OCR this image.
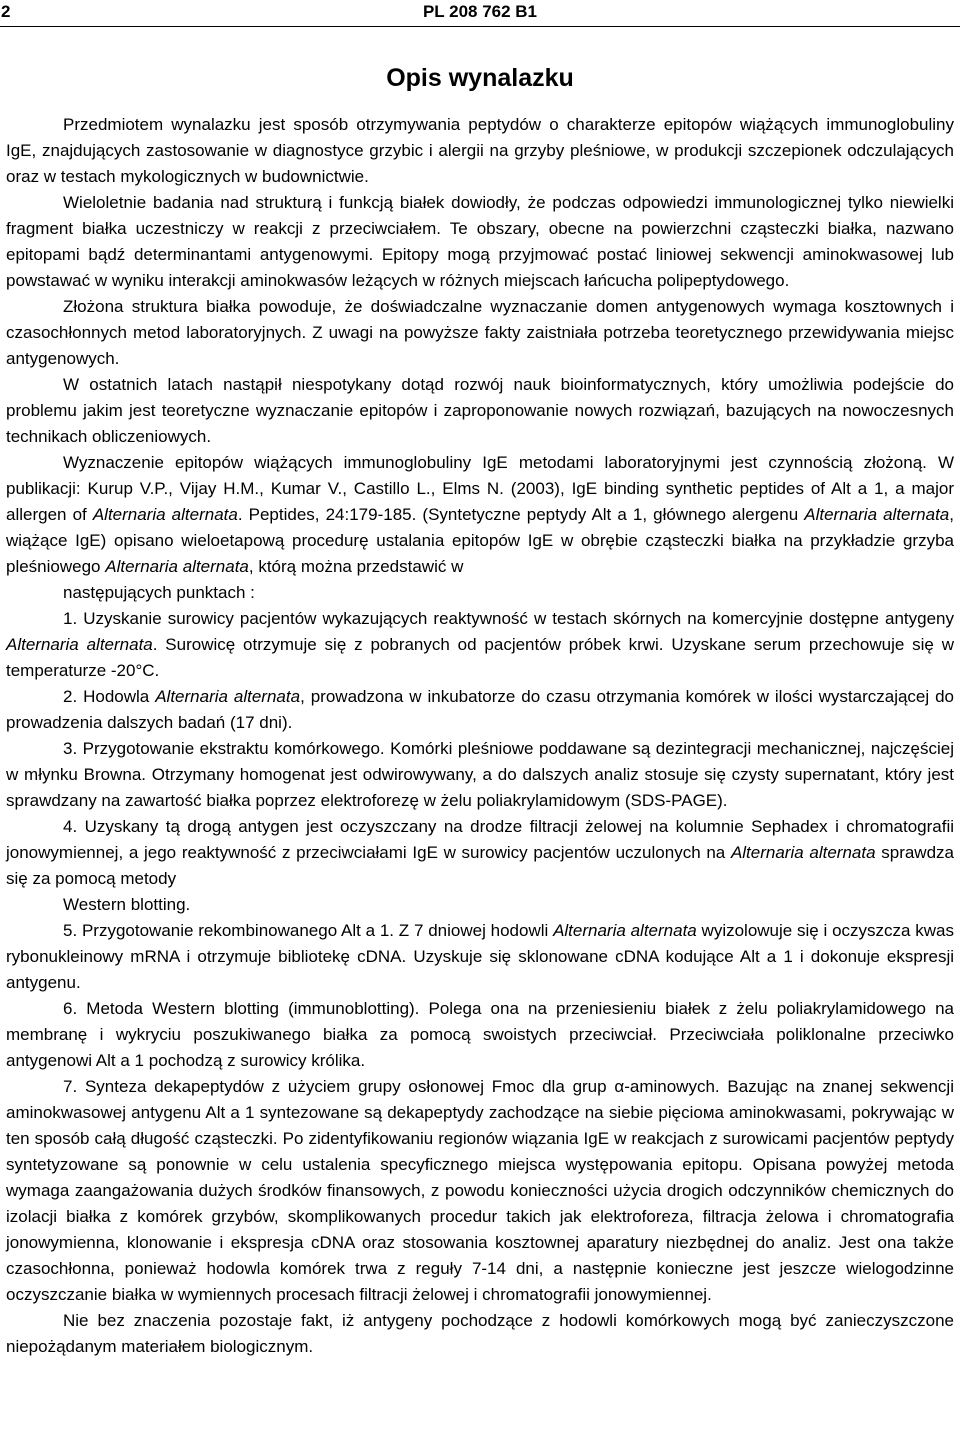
2	PL 208 762 B1
Opis wynalazku

Przedmiotem wynalazku jest sposób otrzymywania peptydów o charakterze epitopów wiążących immunoglobuliny IgE, znajdujących zastosowanie w diagnostyce grzybic i alergii na grzyby pleśniowe, w produkcji szczepionek odczulających oraz w testach mykologicznych w budownictwie.

Wieloletnie badania nad strukturą i funkcją białek dowiodły, że podczas odpowiedzi immunologicznej tylko niewielki fragment białka uczestniczy w reakcji z przeciwciałem. Te obszary, obecne na powierzchni cząsteczki białka, nazwano epitopami bądź determinantami antygenowymi. Epitopy mogą przyjmować postać liniowej sekwencji aminokwasowej lub powstawać w wyniku interakcji aminokwasów leżących w różnych miejscach łańcucha polipeptydowego.

Złożona struktura białka powoduje, że doświadczalne wyznaczanie domen antygenowych wymaga kosztownych i czasochłonnych metod laboratoryjnych. Z uwagi na powyższe fakty zaistniała potrzeba teoretycznego przewidywania miejsc antygenowych.

W ostatnich latach nastąpił niespotykany dotąd rozwój nauk bioinformatycznych, który umożliwia podejście do problemu jakim jest teoretyczne wyznaczanie epitopów i zaproponowanie nowych rozwiązań, bazujących na nowoczesnych technikach obliczeniowych.

Wyznaczenie epitopów wiążących immunoglobuliny IgE metodami laboratoryjnymi jest czynnością złożoną. W publikacji: Kurup V.P., Vijay H.M., Kumar V., Castillo L., Elms N. (2003), IgE binding synthetic peptides of Alt a 1, a major allergen of Alternaria alternata. Peptides, 24:179-185. (Syntetyczne peptydy Alt a 1, głównego alergenu Alternaria alternata, wiążące IgE) opisano wieloetapową procedurę ustalania epitopów IgE w obrębie cząsteczki białka na przykładzie grzyba pleśniowego Alternaria alternata, którą można przedstawić w

następujących punktach :

1. Uzyskanie surowicy pacjentów wykazujących reaktywność w testach skórnych na komercyjnie dostępne antygeny Alternaria alternata. Surowicę otrzymuje się z pobranych od pacjentów próbek krwi. Uzyskane serum przechowuje się w temperaturze -20°C.

2. Hodowla Alternaria alternata, prowadzona w inkubatorze do czasu otrzymania komórek w ilości wystarczającej do prowadzenia dalszych badań (17 dni).

3. Przygotowanie ekstraktu komórkowego. Komórki pleśniowe poddawane są dezintegracji mechanicznej, najczęściej w młynku Browna. Otrzymany homogenat jest odwirowywany, a do dalszych analiz stosuje się czysty supernatant, który jest sprawdzany na zawartość białka poprzez elektroforezę w żelu poliakrylamidowym (SDS-PAGE).

4. Uzyskany tą drogą antygen jest oczyszczany na drodze filtracji żelowej na kolumnie Sephadex i chromatografii jonowymiennej, a jego reaktywność z przeciwciałami IgE w surowicy pacjentów uczulonych na Alternaria alternata sprawdza się za pomocą metody

Western blotting.

5. Przygotowanie rekombinowanego Alt a 1. Z 7 dniowej hodowli Alternaria alternata wyizolowuje się i oczyszcza kwas rybonukleinowy mRNA i otrzymuje bibliotekę cDNA. Uzyskuje się sklonowane cDNA kodujące Alt a 1 i dokonuje ekspresji antygenu.

6. Metoda Western blotting (immunoblotting). Polega ona na przeniesieniu białek z żelu poliakrylamidowego na membranę i wykryciu poszukiwanego białka za pomocą swoistych przeciwciał. Przeciwciała poliklonalne przeciwko antygenowi Alt a 1 pochodzą z surowicy królika.

7. Synteza dekapeptydów z użyciem grupy osłonowej Fmoc dla grup α-aminowych. Bazując na znanej sekwencji aminokwasowej antygenu Alt a 1 syntezowane są dekapeptydy zachodzące na siebie pięciома aminokwasami, pokrywając w ten sposób całą długość cząsteczki. Po zidentyfikowaniu regionów wiązania IgE w reakcjach z surowicami pacjentów peptydy syntetyzowane są ponownie w celu ustalenia specyficznego miejsca występowania epitopu. Opisana powyżej metoda wymaga zaangażowania dużych środków finansowych, z powodu konieczności użycia drogich odczynników chemicznych do izolacji białka z komórek grzybów, skomplikowanych procedur takich jak elektroforeza, filtracja żelowa i chromatografia jonowymienna, klonowanie i ekspresja cDNA oraz stosowania kosztownej aparatury niezbędnej do analiz. Jest ona także czasochłonna, ponieważ hodowla komórek trwa z reguły 7-14 dni, a następnie konieczne jest jeszcze wielogodzinne oczyszczanie białka w wymiennych procesach filtracji żelowej i chromatografii jonowymiennej.

Nie bez znaczenia pozostaje fakt, iż antygeny pochodzące z hodowli komórkowych mogą być zanieczyszczone niepożądanym materiałem biologicznym.
